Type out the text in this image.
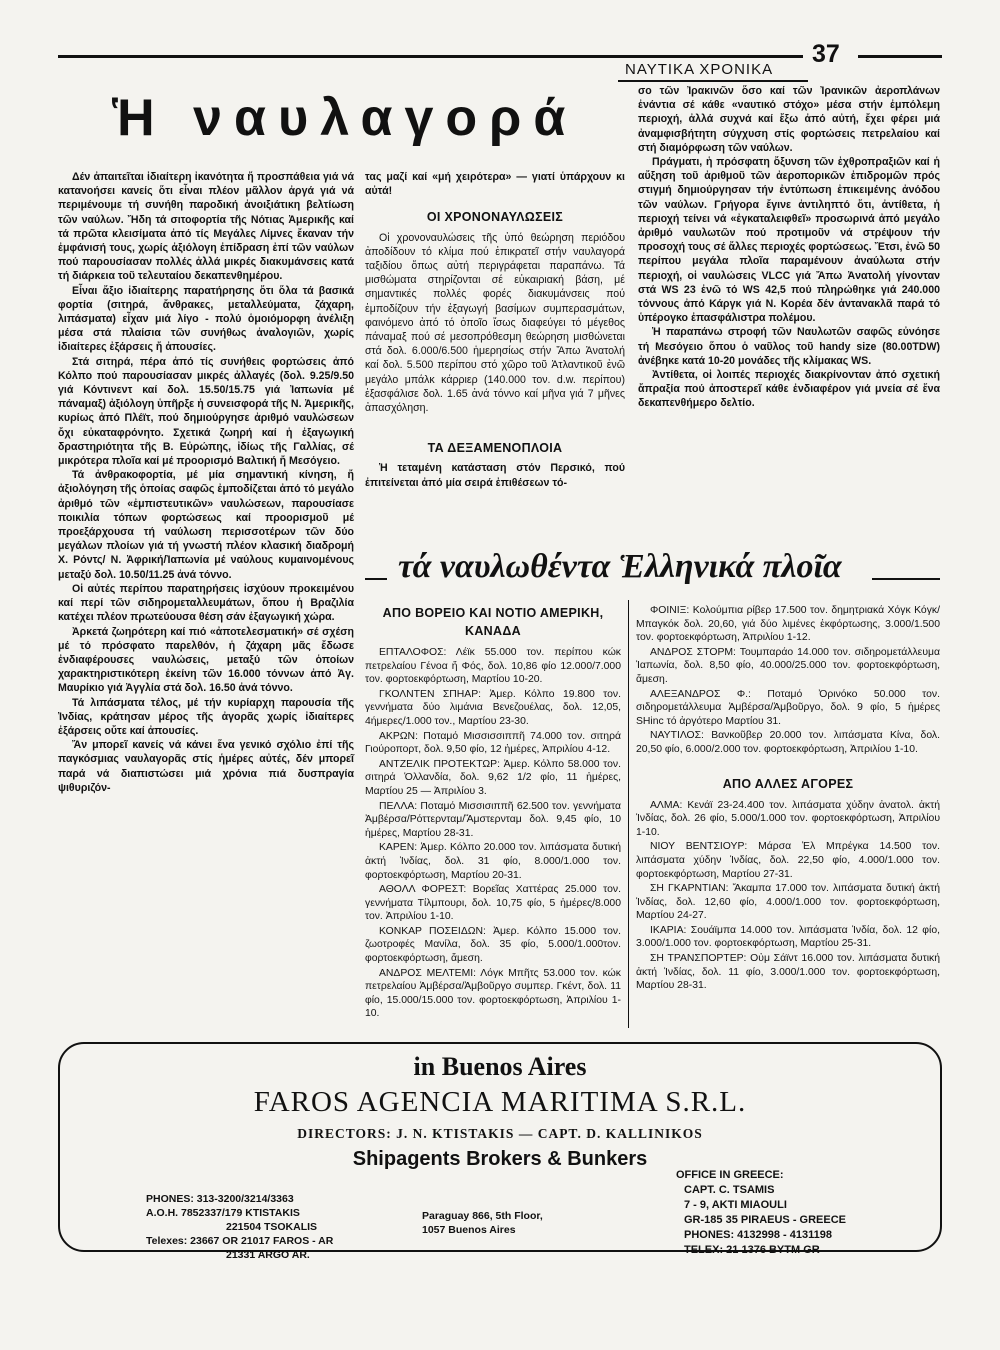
ΝΑΥΤΙΚΑ ΧΡΟΝΙΚΑ
37
Ἡ ναυλαγορά

Δέν ἀπαιτεῖται ἰδιαίτερη ἰκανότητα ἤ προσπάθεια γιά νά κατανοήσει κανείς ὅτι εἶναι πλέον μᾶλλον ἀργά γιά νά περιμένουμε τή συνήθη παροδική ἀνοιξιάτικη βελτίωση τῶν ναύλων. Ἤδη τά σιτοφορτία τῆς Νότιας Ἀμερικῆς καί τά πρῶτα κλεισίματα ἀπό τίς Μεγάλες Λίμνες ἔκαναν τήν ἐμφάνισή τους, χωρίς ἀξιόλογη ἐπίδραση ἐπί τῶν ναύλων πού παρουσίασαν πολλές ἀλλά μικρές διακυμάνσεις κατά τή διάρκεια τοῦ τελευταίου δεκαπενθημέρου.

Εἶναι ἄξιο ἰδιαίτερης παρατήρησης ὅτι ὅλα τά βασικά φορτία (σιτηρά, ἄνθρακες, μεταλλεύματα, ζάχαρη, λιπάσματα) εἶχαν μιά λίγο - πολύ ὁμοιόμορφη ἀνέλιξη μέσα στά πλαίσια τῶν συνήθως ἀναλογιῶν, χωρίς ἰδιαίτερες ἐξάρσεις ἤ ἀπουσίες.

Στά σιτηρά, πέρα ἀπό τίς συνήθεις φορτώσεις ἀπό Κόλπο πού παρουσίασαν μικρές ἀλλαγές (δολ. 9.25/9.50 γιά Κόντινεντ καί δολ. 15.50/15.75 γιά Ἰαπωνία μέ πάναμαξ) ἀξιόλογη ὑπῆρξε ἡ συνεισφορά τῆς Ν. Ἀμερικῆς, κυρίως ἀπό Πλέϊτ, πού δημιούργησε ἀριθμό ναυλώσεων ὄχι εὐκαταφρόνητο. Σχετικά ζωηρή καί ἡ ἐξαγωγική δραστηριότητα τῆς Β. Εὐρώπης, ἰδίως τῆς Γαλλίας, σέ μικρότερα πλοῖα καί μέ προορισμό Βαλτική ἤ Μεσόγειο.

Τά ἀνθρακοφορτία, μέ μία σημαντική κίνηση, ἤ ἀξιολόγηση τῆς ὁποίας σαφῶς ἐμποδίζεται ἀπό τό μεγάλο ἀριθμό τῶν «ἐμπιστευτικῶν» ναυλώσεων, παρουσίασε ποικιλία τόπων φορτώσεως καί προορισμοῦ μέ προεξάρχουσα τή ναύλωση περισσοτέρων τῶν δύο μεγάλων πλοίων γιά τή γνωστή πλέον κλασική διαδρομή Χ. Ρόντς/ Ν. Ἀφρική/Ἰαπωνία μέ ναύλους κυμαινομένους μεταξύ δολ. 10.50/11.25 ἀνά τόννο.

Οἱ αὐτές περίπου παρατηρήσεις ἰσχύουν προκειμένου καί περί τῶν σιδηρομεταλλευμάτων, ὅπου ἡ Βραζιλία κατέχει πλέον πρωτεύουσα θέση σάν ἐξαγωγική χώρα.

Ἀρκετά ζωηρότερη καί πιό «ἀποτελεσματική» σέ σχέση μέ τό πρόσφατο παρελθόν, ἡ ζάχαρη μᾶς ἔδωσε ἐνδιαφέρουσες ναυλώσεις, μεταξύ τῶν ὁποίων χαρακτηριστικότερη ἐκείνη τῶν 16.000 τόννων ἀπό Ἀγ. Μαυρίκιο γιά Ἀγγλία στά δολ. 16.50 ἀνά τόννο.

Τά λιπάσματα τέλος, μέ τήν κυρίαρχη παρουσία τῆς Ἰνδίας, κράτησαν μέρος τῆς ἀγορᾶς χωρίς ἰδιαίτερες ἐξάρσεις οὔτε καί ἀπουσίες.

Ἄν μπορεῖ κανείς νά κάνει ἕνα γενικό σχόλιο ἐπί τῆς παγκόσμιας ναυλαγορᾶς στίς ἡμέρες αὐτές, δέν μπορεῖ παρά νά διαπιστώσει μιά χρόνια πιά δυσπραγία ψιθυριζόν-

τας μαζί καί «μή χειρότερα» — γιατί ὑπάρχουν κι αὐτά!

ΟΙ ΧΡΟΝΟΝΑΥΛΩΣΕΙΣ

Οἱ χρονοναυλώσεις τῆς ὑπό θεώρηση περιόδου ἀποδίδουν τό κλίμα πού ἐπικρατεῖ στήν ναυλαγορά ταξιδίου ὅπως αὐτή περιγράφεται παραπάνω. Τά μισθώματα στηρίζονται σέ εὐκαιριακή βάση, μέ σημαντικές πολλές φορές διακυμάνσεις πού ἐμποδίζουν τήν ἐξαγωγή βασίμων συμπερασμάτων, φαινόμενο ἀπό τό ὁποῖο ἴσως διαφεύγει τό μέγεθος πάναμαξ πού σέ μεσοπρόθεσμη θεώρηση μισθώνεται στά δολ. 6.000/6.500 ἡμερησίως στήν Ἄπω Ἀνατολή καί δολ. 5.500 περίπου στό χῶρο τοῦ Ἀτλαντικοῦ ἐνῶ μεγάλο μπάλκ κάρριερ (140.000 τον. d.w. περίπου) ἐξασφάλισε δολ. 1.65 ἀνά τόννο καί μῆνα γιά 7 μῆνες ἀπασχόληση.

ΤΑ ΔΕΞΑΜΕΝΟΠΛΟΙΑ

Ἡ τεταμένη κατάσταση στόν Περσικό, πού ἐπιτείνεται ἀπό μία σειρά ἐπιθέσεων τό-

σο τῶν Ἰρακινῶν ὅσο καί τῶν Ἰρανικῶν ἀεροπλάνων ἐνάντια σέ κάθε «ναυτικό στόχο» μέσα στήν ἐμπόλεμη περιοχή, ἀλλά συχνά καί ἔξω ἀπό αὐτή, ἔχει φέρει μιά ἀναμφισβήτητη σύγχυση στίς φορτώσεις πετρελαίου καί στή διαμόρφωση τῶν ναύλων.

Πράγματι, ἡ πρόσφατη ὄξυνση τῶν ἐχθροπραξιῶν καί ἡ αὔξηση τοῦ ἀριθμοῦ τῶν ἀεροπορικῶν ἐπιδρομῶν πρός στιγμή δημιούργησαν τήν ἐντύπωση ἐπικειμένης ἀνόδου τῶν ναύλων. Γρήγορα ἔγινε ἀντιληπτό ὅτι, ἀντίθετα, ἡ περιοχή τείνει νά «ἐγκαταλειφθεῖ» προσωρινά ἀπό μεγάλο ἀριθμό ναυλωτῶν πού προτιμοῦν νά στρέψουν τήν προσοχή τους σέ ἄλλες περιοχές φορτώσεως. Ἔτσι, ἐνῶ 50 περίπου μεγάλα πλοῖα παραμένουν ἀναύλωτα στήν περιοχή, οἱ ναυλώσεις VLCC γιά Ἄπω Ἀνατολή γίνονταν στά WS 23 ἐνῶ τό WS 42,5 πού πληρώθηκε γιά 240.000 τόννους ἀπό Κάργκ γιά Ν. Κορέα δέν ἀντανακλᾶ παρά τό ὑπέρογκο ἐπασφάλιστρα πολέμου.

Ἡ παραπάνω στροφή τῶν Ναυλωτῶν σαφῶς εὐνόησε τή Μεσόγειο ὅπου ὁ ναῦλος τοῦ handy size (80.00TDW) ἀνέβηκε κατά 10-20 μονάδες τῆς κλίμακας WS.

Ἀντίθετα, οἱ λοιπές περιοχές διακρίνονταν ἀπό σχετική ἄπραξία πού ἀποστερεῖ κάθε ἐνδιαφέρον γιά μνεία σέ ἕνα δεκαπενθήμερο δελτίο.

τά ναυλωθέντα Ἑλληνικά πλοῖα
ΑΠΟ ΒΟΡΕΙΟ ΚΑΙ ΝΟΤΙΟ ΑΜΕΡΙΚΗ, ΚΑΝΑΔΑ

ΕΠΤΑΛΟΦΟΣ: Λέϊκ 55.000 τον. περίπου κώκ πετρελαίου Γένοα ἤ Φός, δολ. 10,86 φίο 12.000/7.000 τον. φορτοεκφόρτωση, Μαρτίου 10-20.

ΓΚΟΛΝΤΕΝ ΣΠΗΑΡ: Ἀμερ. Κόλπο 19.800 τον. γεννήματα δύο λιμάνια Βενεζουέλας, δολ. 12,05, 4ήμερες/1.000 τον., Μαρτίου 23-30.

ΑΚΡΩΝ: Ποταμό Μισσισσιππῆ 74.000 τον. σιτηρά Γιούροπορτ, δολ. 9,50 φίο, 12 ἡμέρες, Ἀπριλίου 4-12.

ΑΝΤΖΕΛΙΚ ΠΡΟΤΕΚΤΩΡ: Ἀμερ. Κόλπο 58.000 τον. σιτηρά Ὁλλανδία, δολ. 9,62 1/2 φίο, 11 ἡμέρες, Μαρτίου 25 — Ἀπριλίου 3.

ΠΕΛΛΑ: Ποταμό Μισσισιππῆ 62.500 τον. γεννήματα Ἀμβέρσα/Ρόττερνταμ/Ἄμστερνταμ δολ. 9,45 φίο, 10 ἡμέρες, Μαρτίου 28-31.

ΚΑΡΕΝ: Ἀμερ. Κόλπο 20.000 τον. λιπάσματα δυτική ἀκτή Ἰνδίας, δολ. 31 φίο, 8.000/1.000 τον. φορτοεκφόρτωση, Μαρτίου 20-31.

ΑΘΟΛΛ ΦΟΡΕΣΤ: Βορεῖας Χαττέρας 25.000 τον. γεννήματα Τίλμπουρι, δολ. 10,75 φίο, 5 ἡμέρες/8.000 τον. Ἀπριλίου 1-10.

ΚΟΝΚΑΡ ΠΟΣΕΙΔΩΝ: Ἀμερ. Κόλπο 15.000 τον. ζωοτροφές Μανίλα, δολ. 35 φίο, 5.000/1.000τον. φορτοεκφόρτωση, ἄμεση.

ΑΝΔΡΟΣ ΜΕΛΤΕΜΙ: Λόγκ Μπῆτς 53.000 τον. κώκ πετρελαίου Ἀμβέρσα/Ἀμβοῦργο συμπερ. Γκέντ, δολ. 11 φίο, 15.000/15.000 τον. φορτοεκφόρτωση, Ἀπριλίου 1-10.

ΦΟΙΝΙΞ: Κολούμπια ρίβερ 17.500 τον. δημητριακά Χόγκ Κόγκ/Μπαγκόκ δολ. 20,60, γιά δύο λιμένες ἐκφόρτωσης, 3.000/1.500 τον. φορτοεκφόρτωση, Ἀπριλίου 1-12.

ΑΝΔΡΟΣ ΣΤΟΡΜ: Τουμπαράο 14.000 τον. σιδηρομετάλλευμα Ἰαπωνία, δολ. 8,50 φίο, 40.000/25.000 τον. φορτοεκφόρτωση, ἄμεση.

ΑΛΕΞΑΝΔΡΟΣ Φ.: Ποταμό Ὀρινόκο 50.000 τον. σιδηρομετάλλευμα Ἀμβέρσα/Ἀμβοῦργο, δολ. 9 φίο, 5 ἡμέρες SHinc τό ἀργότερο Μαρτίου 31.

ΝΑΥΤΙΛΟΣ: Βανκοῦβερ 20.000 τον. λιπάσματα Κίνα, δολ. 20,50 φίο, 6.000/2.000 τον. φορτοεκφόρτωση, Ἀπριλίου 1-10.

ΑΠΟ ΑΛΛΕΣ ΑΓΟΡΕΣ

ΑΛΜΑ: Κενάϊ 23-24.400 τον. λιπάσματα χύδην ἀνατολ. ἀκτή Ἰνδίας, δολ. 26 φίο, 5.000/1.000 τον. φορτοεκφόρτωση, Ἀπριλίου 1-10.

ΝΙΟΥ ΒΕΝΤΣΙΟΥΡ: Μάρσα Ἐλ Μπρέγκα 14.500 τον. λιπάσματα χύδην Ἰνδίας, δολ. 22,50 φίο, 4.000/1.000 τον. φορτοεκφόρτωση, Μαρτίου 27-31.

ΣΗ ΓΚΑΡΝΤΙΑΝ: Ἄκαμπα 17.000 τον. λιπάσματα δυτική ἀκτή Ἰνδίας, δολ. 12,60 φίο, 4.000/1.000 τον. φορτοεκφόρτωση, Μαρτίου 24-27.

ΙΚΑΡΙΑ: Σουάϊμπα 14.000 τον. λιπάσματα Ἰνδία, δολ. 12 φίο, 3.000/1.000 τον. φορτοεκφόρτωση, Μαρτίου 25-31.

ΣΗ ΤΡΑΝΣΠΟΡΤΕΡ: Οὐμ Σάϊντ 16.000 τον. λιπάσματα δυτική ἀκτή Ἰνδίας, δολ. 11 φίο, 3.000/1.000 τον. φορτοεκφόρτωση, Μαρτίου 28-31.

in Buenos Aires
FAROS AGENCIA MARITIMA S.R.L.
DIRECTORS: J. N. KTISTAKIS — CAPT. D. KALLINIKOS
Shipagents Brokers & Bunkers
PHONES: 313-3200/3214/3363
A.O.H. 7852337/179 KTISTAKIS
221504 TSOKALIS
Telexes: 23667 OR 21017 FAROS - AR
21331 ARGO AR.
Paraguay 866, 5th Floor,
1057 Buenos Aires
OFFICE IN GREECE:
CAPT. C. TSAMIS
7 - 9, AKTI MIAOULI
GR-185 35 PIRAEUS - GREECE
PHONES: 4132998 - 4131198
TELEX: 21 1376 BYTM GR
